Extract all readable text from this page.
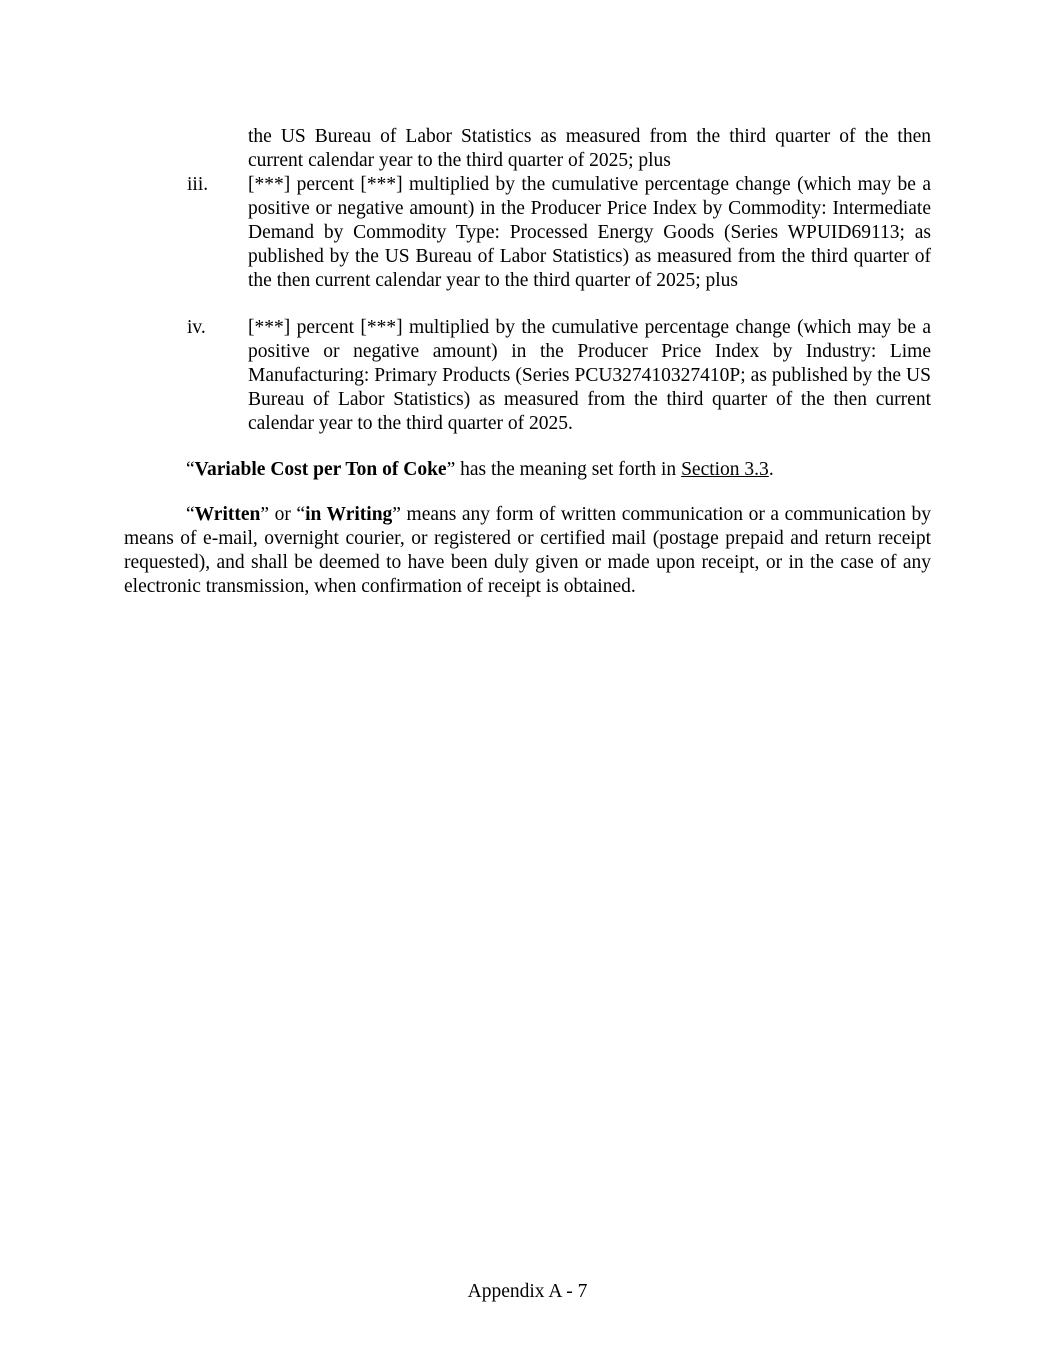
the US Bureau of Labor Statistics as measured from the third quarter of the then current calendar year to the third quarter of 2025; plus
iii.	[***] percent [***] multiplied by the cumulative percentage change (which may be a positive or negative amount) in the Producer Price Index by Commodity: Intermediate Demand by Commodity Type: Processed Energy Goods (Series WPUID69113; as published by the US Bureau of Labor Statistics) as measured from the third quarter of the then current calendar year to the third quarter of 2025; plus
iv.	[***] percent [***] multiplied by the cumulative percentage change (which may be a positive or negative amount) in the Producer Price Index by Industry: Lime Manufacturing: Primary Products (Series PCU327410327410P; as published by the US Bureau of Labor Statistics) as measured from the third quarter of the then current calendar year to the third quarter of 2025.
“Variable Cost per Ton of Coke” has the meaning set forth in Section 3.3.
“Written” or “in Writing” means any form of written communication or a communication by means of e-mail, overnight courier, or registered or certified mail (postage prepaid and return receipt requested), and shall be deemed to have been duly given or made upon receipt, or in the case of any electronic transmission, when confirmation of receipt is obtained.
Appendix A - 7
